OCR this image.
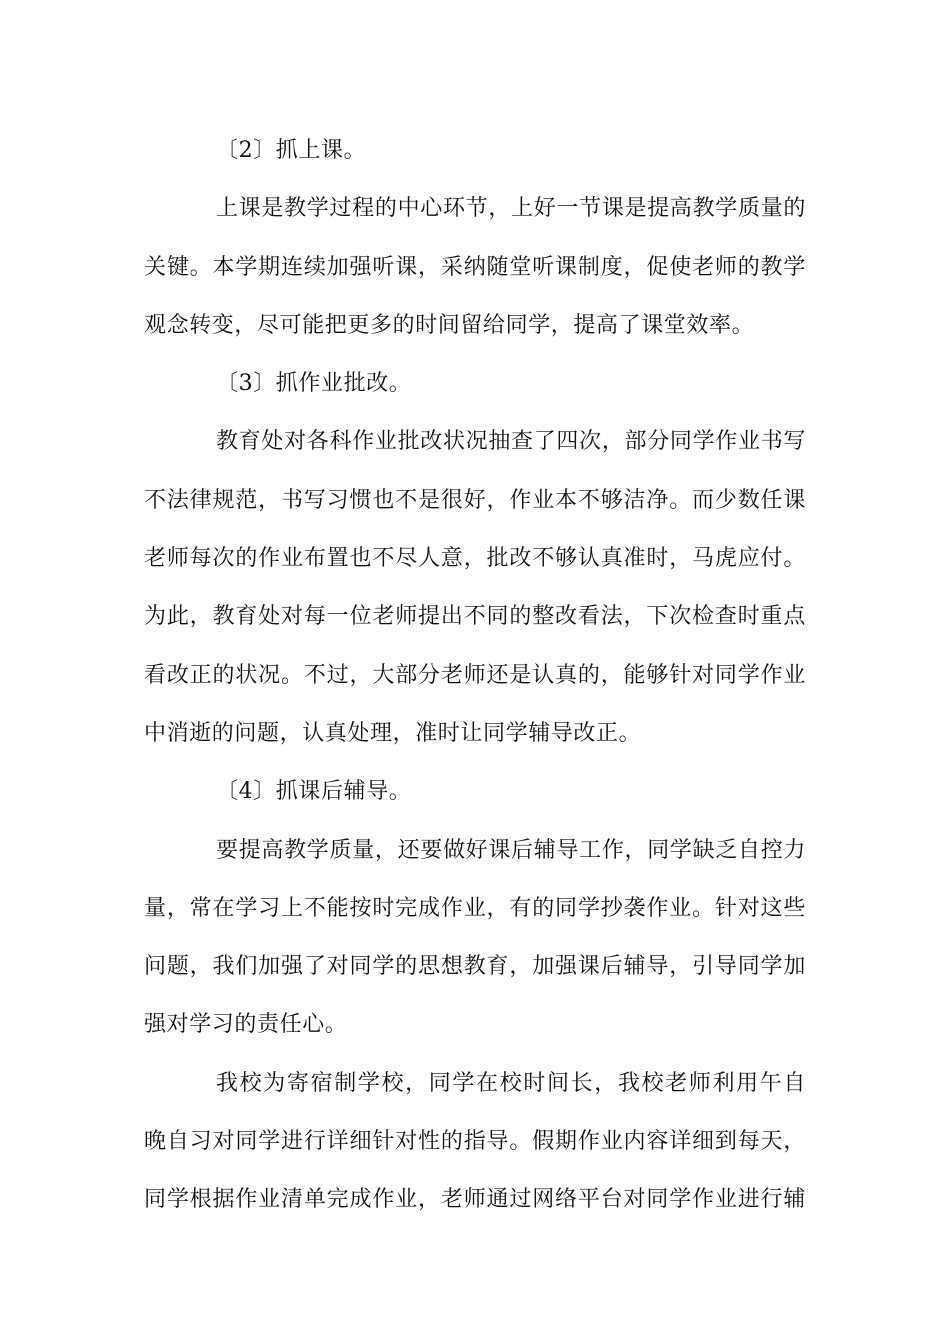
〔2〕抓上课。
上课是教学过程的中心环节，上好一节课是提高教学质量的
关键。本学期连续加强听课，采纳随堂听课制度，促使老师的教学
观念转变，尽可能把更多的时间留给同学，提高了课堂效率。
〔3〕抓作业批改。
教育处对各科作业批改状况抽查了四次，部分同学作业书写
不法律规范，书写习惯也不是很好，作业本不够洁净。而少数任课
老师每次的作业布置也不尽人意，批改不够认真准时，马虎应付。
为此，教育处对每一位老师提出不同的整改看法，下次检查时重点
看改正的状况。不过，大部分老师还是认真的，能够针对同学作业
中消逝的问题，认真处理，准时让同学辅导改正。
〔4〕抓课后辅导。
要提高教学质量，还要做好课后辅导工作，同学缺乏自控力
量，常在学习上不能按时完成作业，有的同学抄袭作业。针对这些
问题，我们加强了对同学的思想教育，加强课后辅导，引导同学加
强对学习的责任心。
我校为寄宿制学校，同学在校时间长，我校老师利用午自
晚自习对同学进行详细针对性的指导。假期作业内容详细到每天，
同学根据作业清单完成作业，老师通过网络平台对同学作业进行辅
